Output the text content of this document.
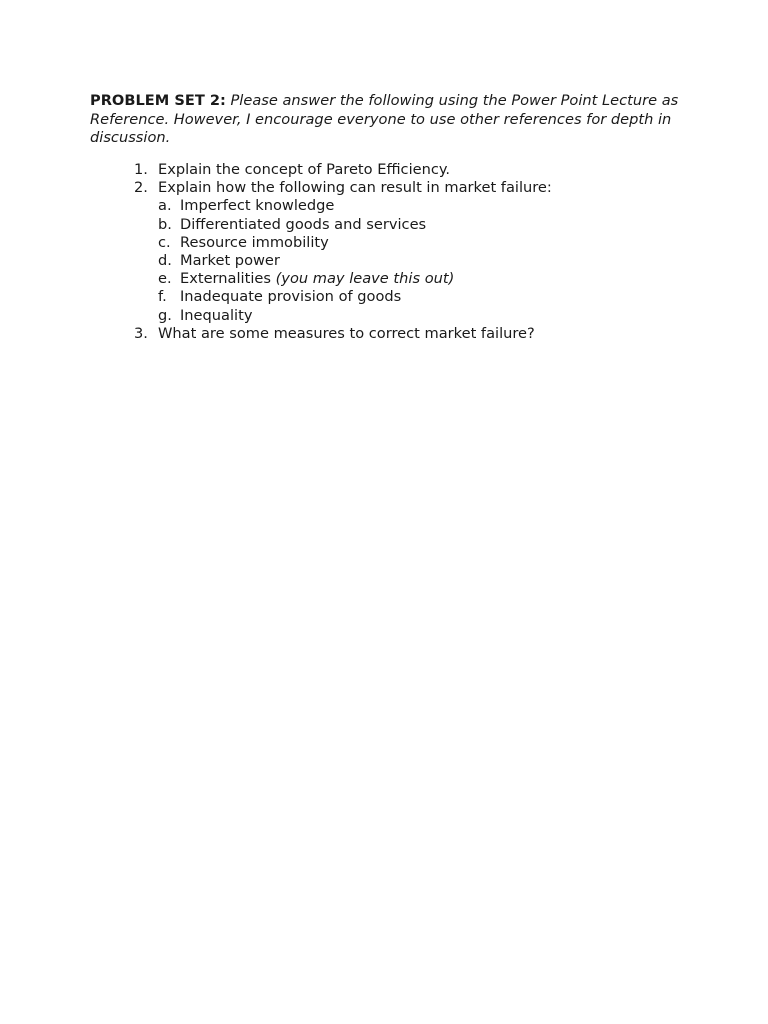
PROBLEM SET 2: Please answer the following using the Power Point Lecture as Reference. However, I encourage everyone to use other references for depth in discussion.

1. Explain the concept of Pareto Efficiency.
2. Explain how the following can result in market failure:
a. Imperfect knowledge
b. Differentiated goods and services
c. Resource immobility
d. Market power
e. Externalities (you may leave this out)
f. Inadequate provision of goods
g. Inequality
3. What are some measures to correct market failure?
